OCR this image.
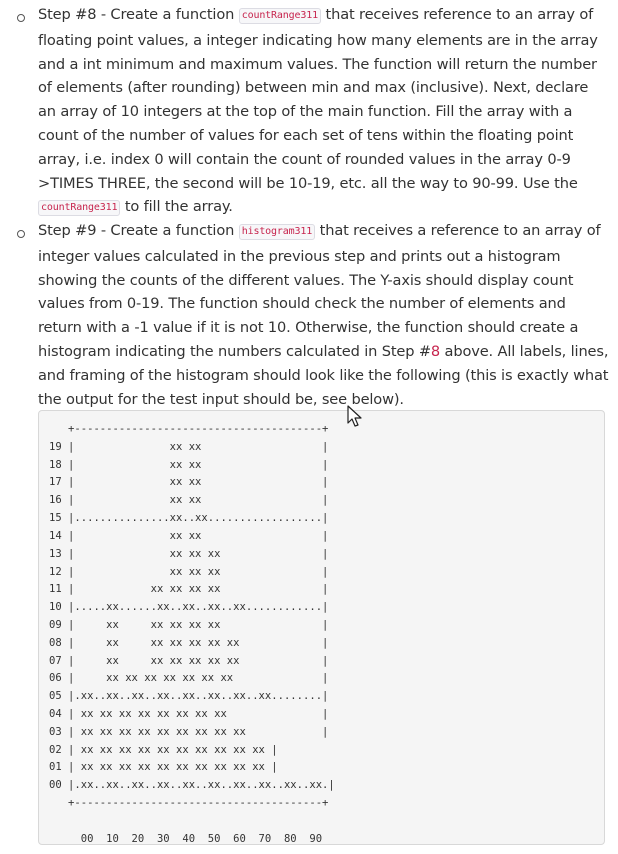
Step #8 - Create a function countRange311 that receives reference to an array of floating point values, a integer indicating how many elements are in the array and a int minimum and maximum values. The function will return the number of elements (after rounding) between min and max (inclusive). Next, declare an array of 10 integers at the top of the main function. Fill the array with a count of the number of values for each set of tens within the floating point array, i.e. index 0 will contain the count of rounded values in the array 0-9 >TIMES THREE, the second will be 10-19, etc. all the way to 90-99. Use the countRange311 to fill the array.
Step #9 - Create a function histogram311 that receives a reference to an array of integer values calculated in the previous step and prints out a histogram showing the counts of the different values. The Y-axis should display count values from 0-19. The function should check the number of elements and return with a -1 value if it is not 10. Otherwise, the function should create a histogram indicating the numbers calculated in Step #8 above. All labels, lines, and framing of the histogram should look like the following (this is exactly what the output for the test input should be, see below).
+---------------------------------------+
19 |               xx xx                   |
18 |               xx xx                   |
17 |               xx xx                   |
16 |               xx xx                   |
15 |...............xx..xx..................|
14 |               xx xx                   |
13 |               xx xx xx                |
12 |               xx xx xx                |
11 |            xx xx xx xx                |
10 |.....xx......xx..xx..xx..xx............|
09 |     xx     xx xx xx xx                |
08 |     xx     xx xx xx xx xx             |
07 |     xx     xx xx xx xx xx             |
06 |     xx xx xx xx xx xx xx              |
05 |.xx..xx..xx..xx..xx..xx..xx..xx........|
04 | xx xx xx xx xx xx xx xx               |
03 | xx xx xx xx xx xx xx xx xx            |
02 | xx xx xx xx xx xx xx xx xx xx |
01 | xx xx xx xx xx xx xx xx xx xx |
00 |.xx..xx..xx..xx..xx..xx..xx..xx..xx..xx.|
+---------------------------------------+

00  10  20  30  40  50  60  70  80  90
